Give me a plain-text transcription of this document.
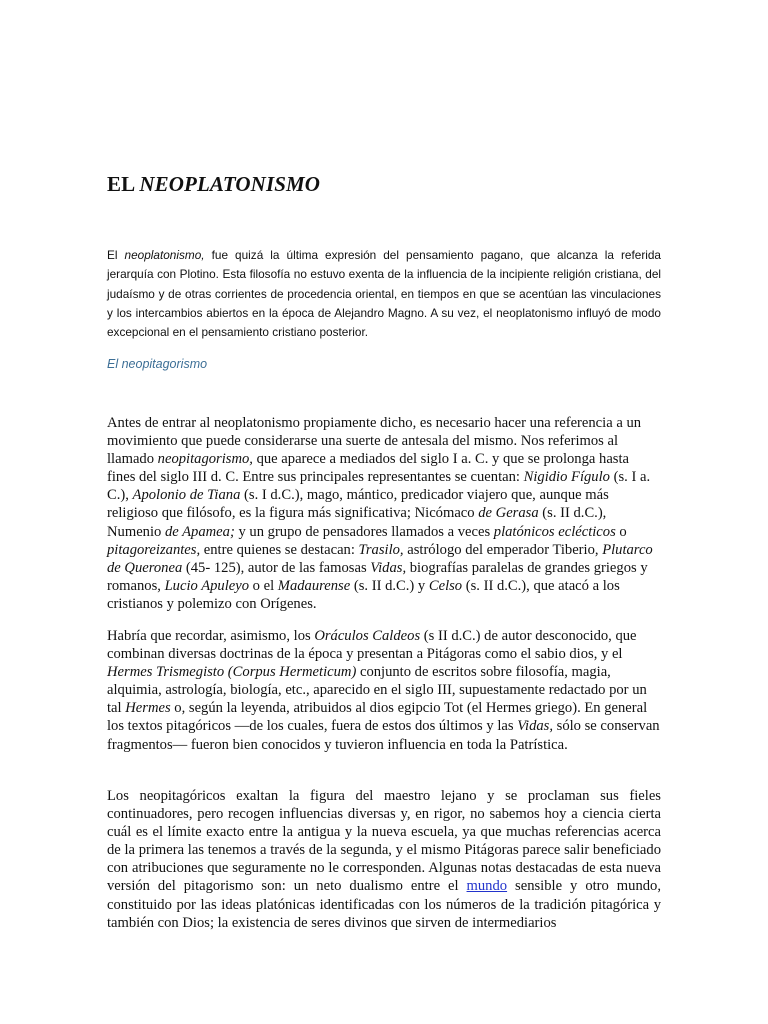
EL NEOPLATONISMO

El neoplatonismo, fue quizá la última expresión del pensamiento pagano, que alcanza la referida jerarquía con Plotino. Esta filosofía no estuvo exenta de la influencia de la incipiente religión cristiana, del judaísmo y de otras corrientes de procedencia oriental, en tiempos en que se acentúan las vinculaciones y los intercambios abiertos en la época de Alejandro Magno. A su vez, el neoplatonismo influyó de modo excepcional en el pensamiento cristiano posterior.

El neopitagorismo

Antes de entrar al neoplatonismo propiamente dicho, es necesario hacer una referencia a un movimiento que puede considerarse una suerte de antesala del mismo. Nos referimos al llamado neopitagorismo, que aparece a mediados del siglo I a. C. y que se prolonga hasta fines del siglo III d. C. Entre sus principales representantes se cuentan: Nigidio Fígulo (s. I a. C.), Apolonio de Tiana (s. I d.C.), mago, mántico, predicador viajero que, aunque más religioso que filósofo, es la figura más significativa; Nicómaco de Gerasa (s. II d.C.), Numenio de Apamea; y un grupo de pensadores llamados a veces platónicos eclécticos o pitagoreizantes, entre quienes se destacan: Trasilo, astrólogo del emperador Tiberio, Plutarco de Queronea (45- 125), autor de las famosas Vidas, biografías paralelas de grandes griegos y romanos, Lucio Apuleyo o el Madaurense (s. II d.C.) y Celso (s. II d.C.), que atacó a los cristianos y polemizo con Orígenes.

Habría que recordar, asimismo, los Oráculos Caldeos (s II d.C.) de autor desconocido, que combinan diversas doctrinas de la época y presentan a Pitágoras como el sabio dios, y el Hermes Trismegisto (Corpus Hermeticum) conjunto de escritos sobre filosofía, magia, alquimia, astrología, biología, etc., aparecido en el siglo III, supuestamente redactado por un tal Hermes o, según la leyenda, atribuidos al dios egipcio Tot (el Hermes griego). En general los textos pitagóricos —de los cuales, fuera de estos dos últimos y las Vidas, sólo se conservan fragmentos— fueron bien conocidos y tuvieron influencia en toda la Patrística.

Los neopitagóricos exaltan la figura del maestro lejano y se proclaman sus fieles continuadores, pero recogen influencias diversas y, en rigor, no sabemos hoy a ciencia cierta cuál es el límite exacto entre la antigua y la nueva escuela, ya que muchas referencias acerca de la primera las tenemos a través de la segunda, y el mismo Pitágoras parece salir beneficiado con atribuciones que seguramente no le corresponden. Algunas notas destacadas de esta nueva versión del pitagorismo son: un neto dualismo entre el mundo sensible y otro mundo, constituido por las ideas platónicas identificadas con los números de la tradición pitagórica y también con Dios; la existencia de seres divinos que sirven de intermediarios
